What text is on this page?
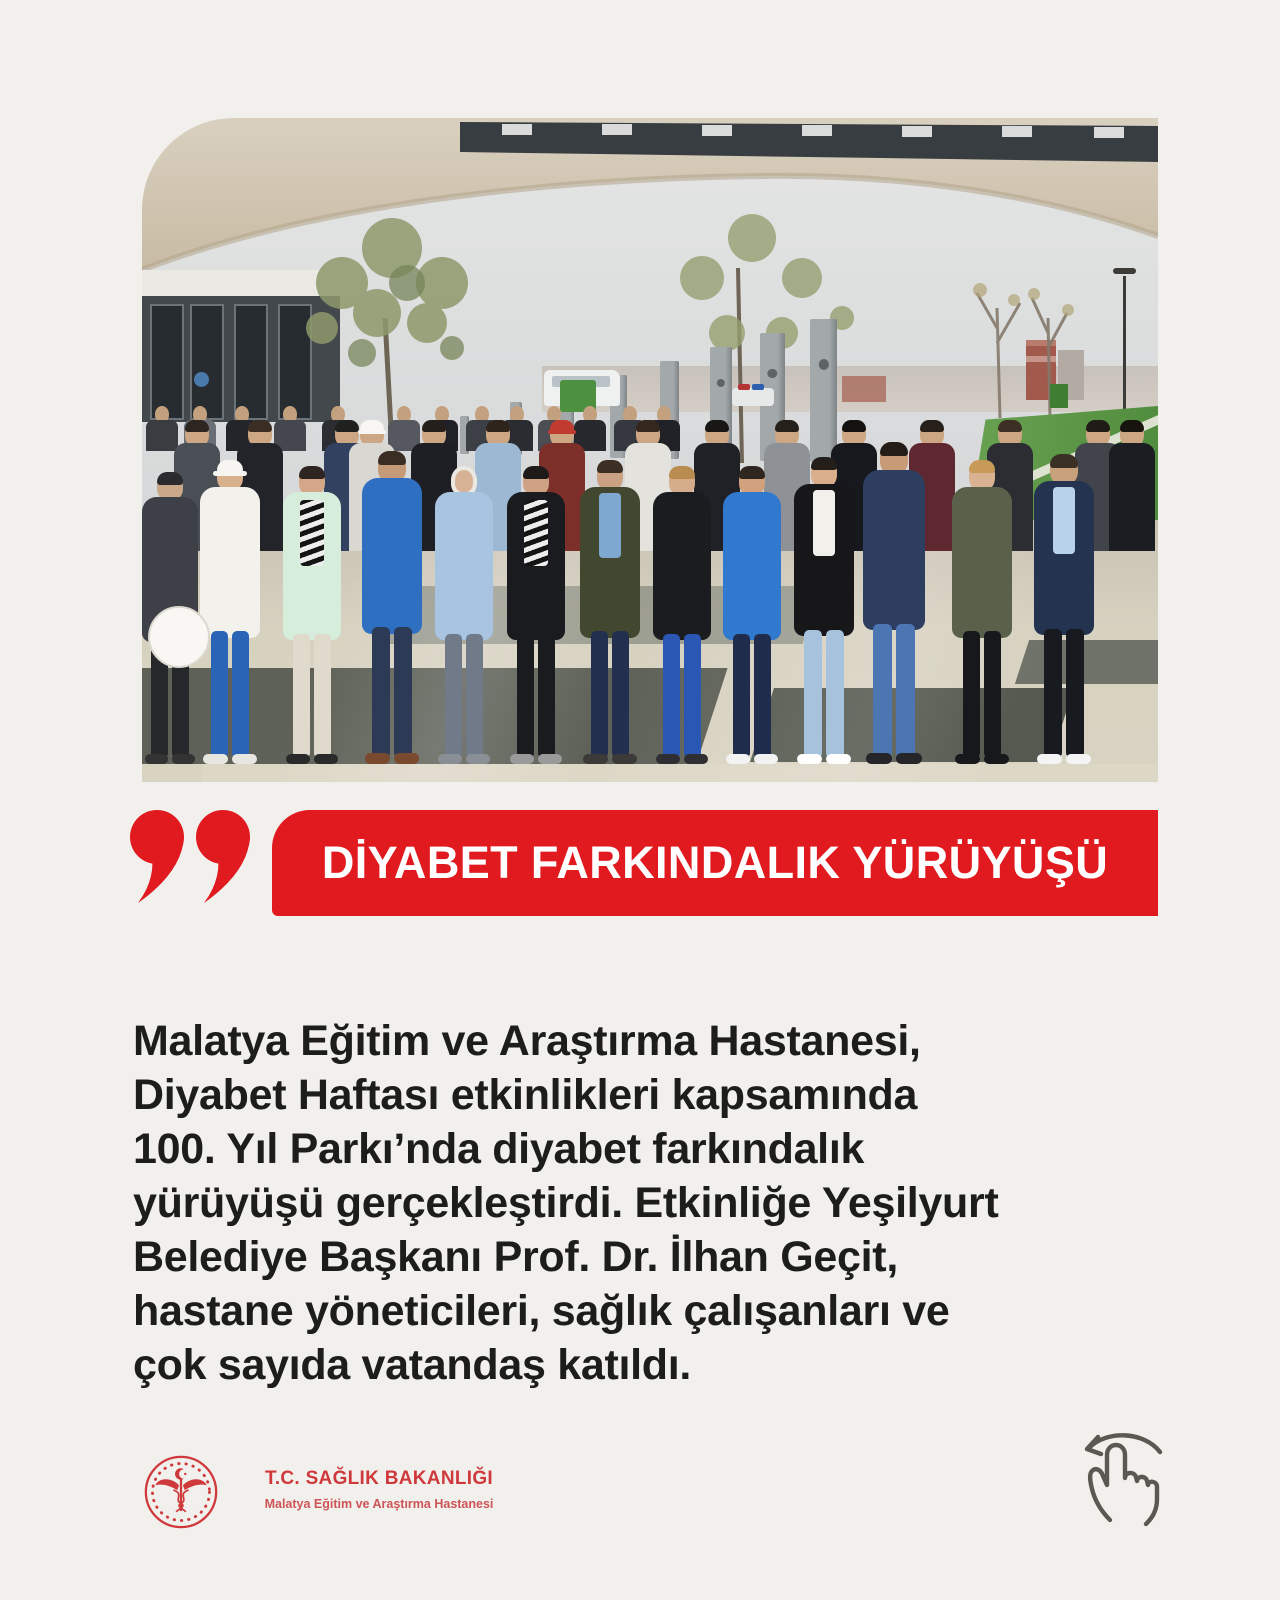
DİYABET FARKINDALIK YÜRÜYÜŞÜ
Malatya Eğitim ve Araştırma Hastanesi,
Diyabet Haftası etkinlikleri kapsamında
100. Yıl Parkı’nda diyabet farkındalık
yürüyüşü gerçekleştirdi. Etkinliğe Yeşilyurt
Belediye Başkanı Prof. Dr. İlhan Geçit,
hastane yöneticileri, sağlık çalışanları ve
çok sayıda vatandaş katıldı.
T.C. SAĞLIK BAKANLIĞI
Malatya Eğitim ve Araştırma Hastanesi
